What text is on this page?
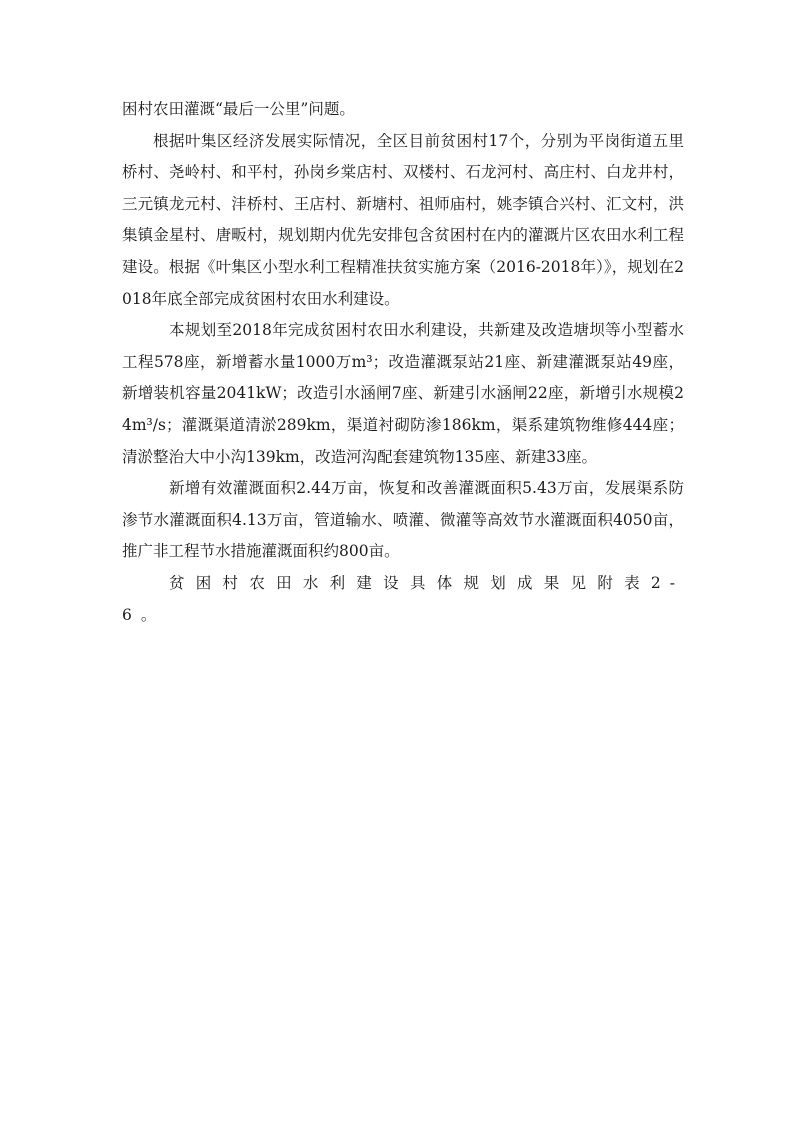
困村农田灌溉“最后一公里”问题。

根据叶集区经济发展实际情况，全区目前贫困村17个，分别为平岗街道五里桥村、尧岭村、和平村，孙岗乡棠店村、双楼村、石龙河村、高庄村、白龙井村，三元镇龙元村、沣桥村、王店村、新塘村、祖师庙村，姚李镇合兴村、汇文村，洪集镇金星村、唐畈村，规划期内优先安排包含贫困村在内的灌溉片区农田水利工程建设。根据《叶集区小型水利工程精准扶贫实施方案（2016-2018年）》，规划在2018年底全部完成贫困村农田水利建设。

本规划至2018年完成贫困村农田水利建设，共新建及改造塘坝等小型蓄水工程578座，新增蓄水量1000万m³；改造灌溉泵站21座、新建灌溉泵站49座，新增装机容量2041kW；改造引水涵闸7座、新建引水涵闸22座，新增引水规模24m³/s；灌溉渠道清淤289km，渠道衬砌防渗186km，渠系建筑物维修444座；清淤整治大中小沟139km，改造河沟配套建筑物135座、新建33座。

新增有效灌溉面积2.44万亩，恢复和改善灌溉面积5.43万亩，发展渠系防渗节水灌溉面积4.13万亩，管道输水、喷灌、微灌等高效节水灌溉面积4050亩，推广非工程节水措施灌溉面积约800亩。

贫困村农田水利建设具体规划成果见附表2-6。
